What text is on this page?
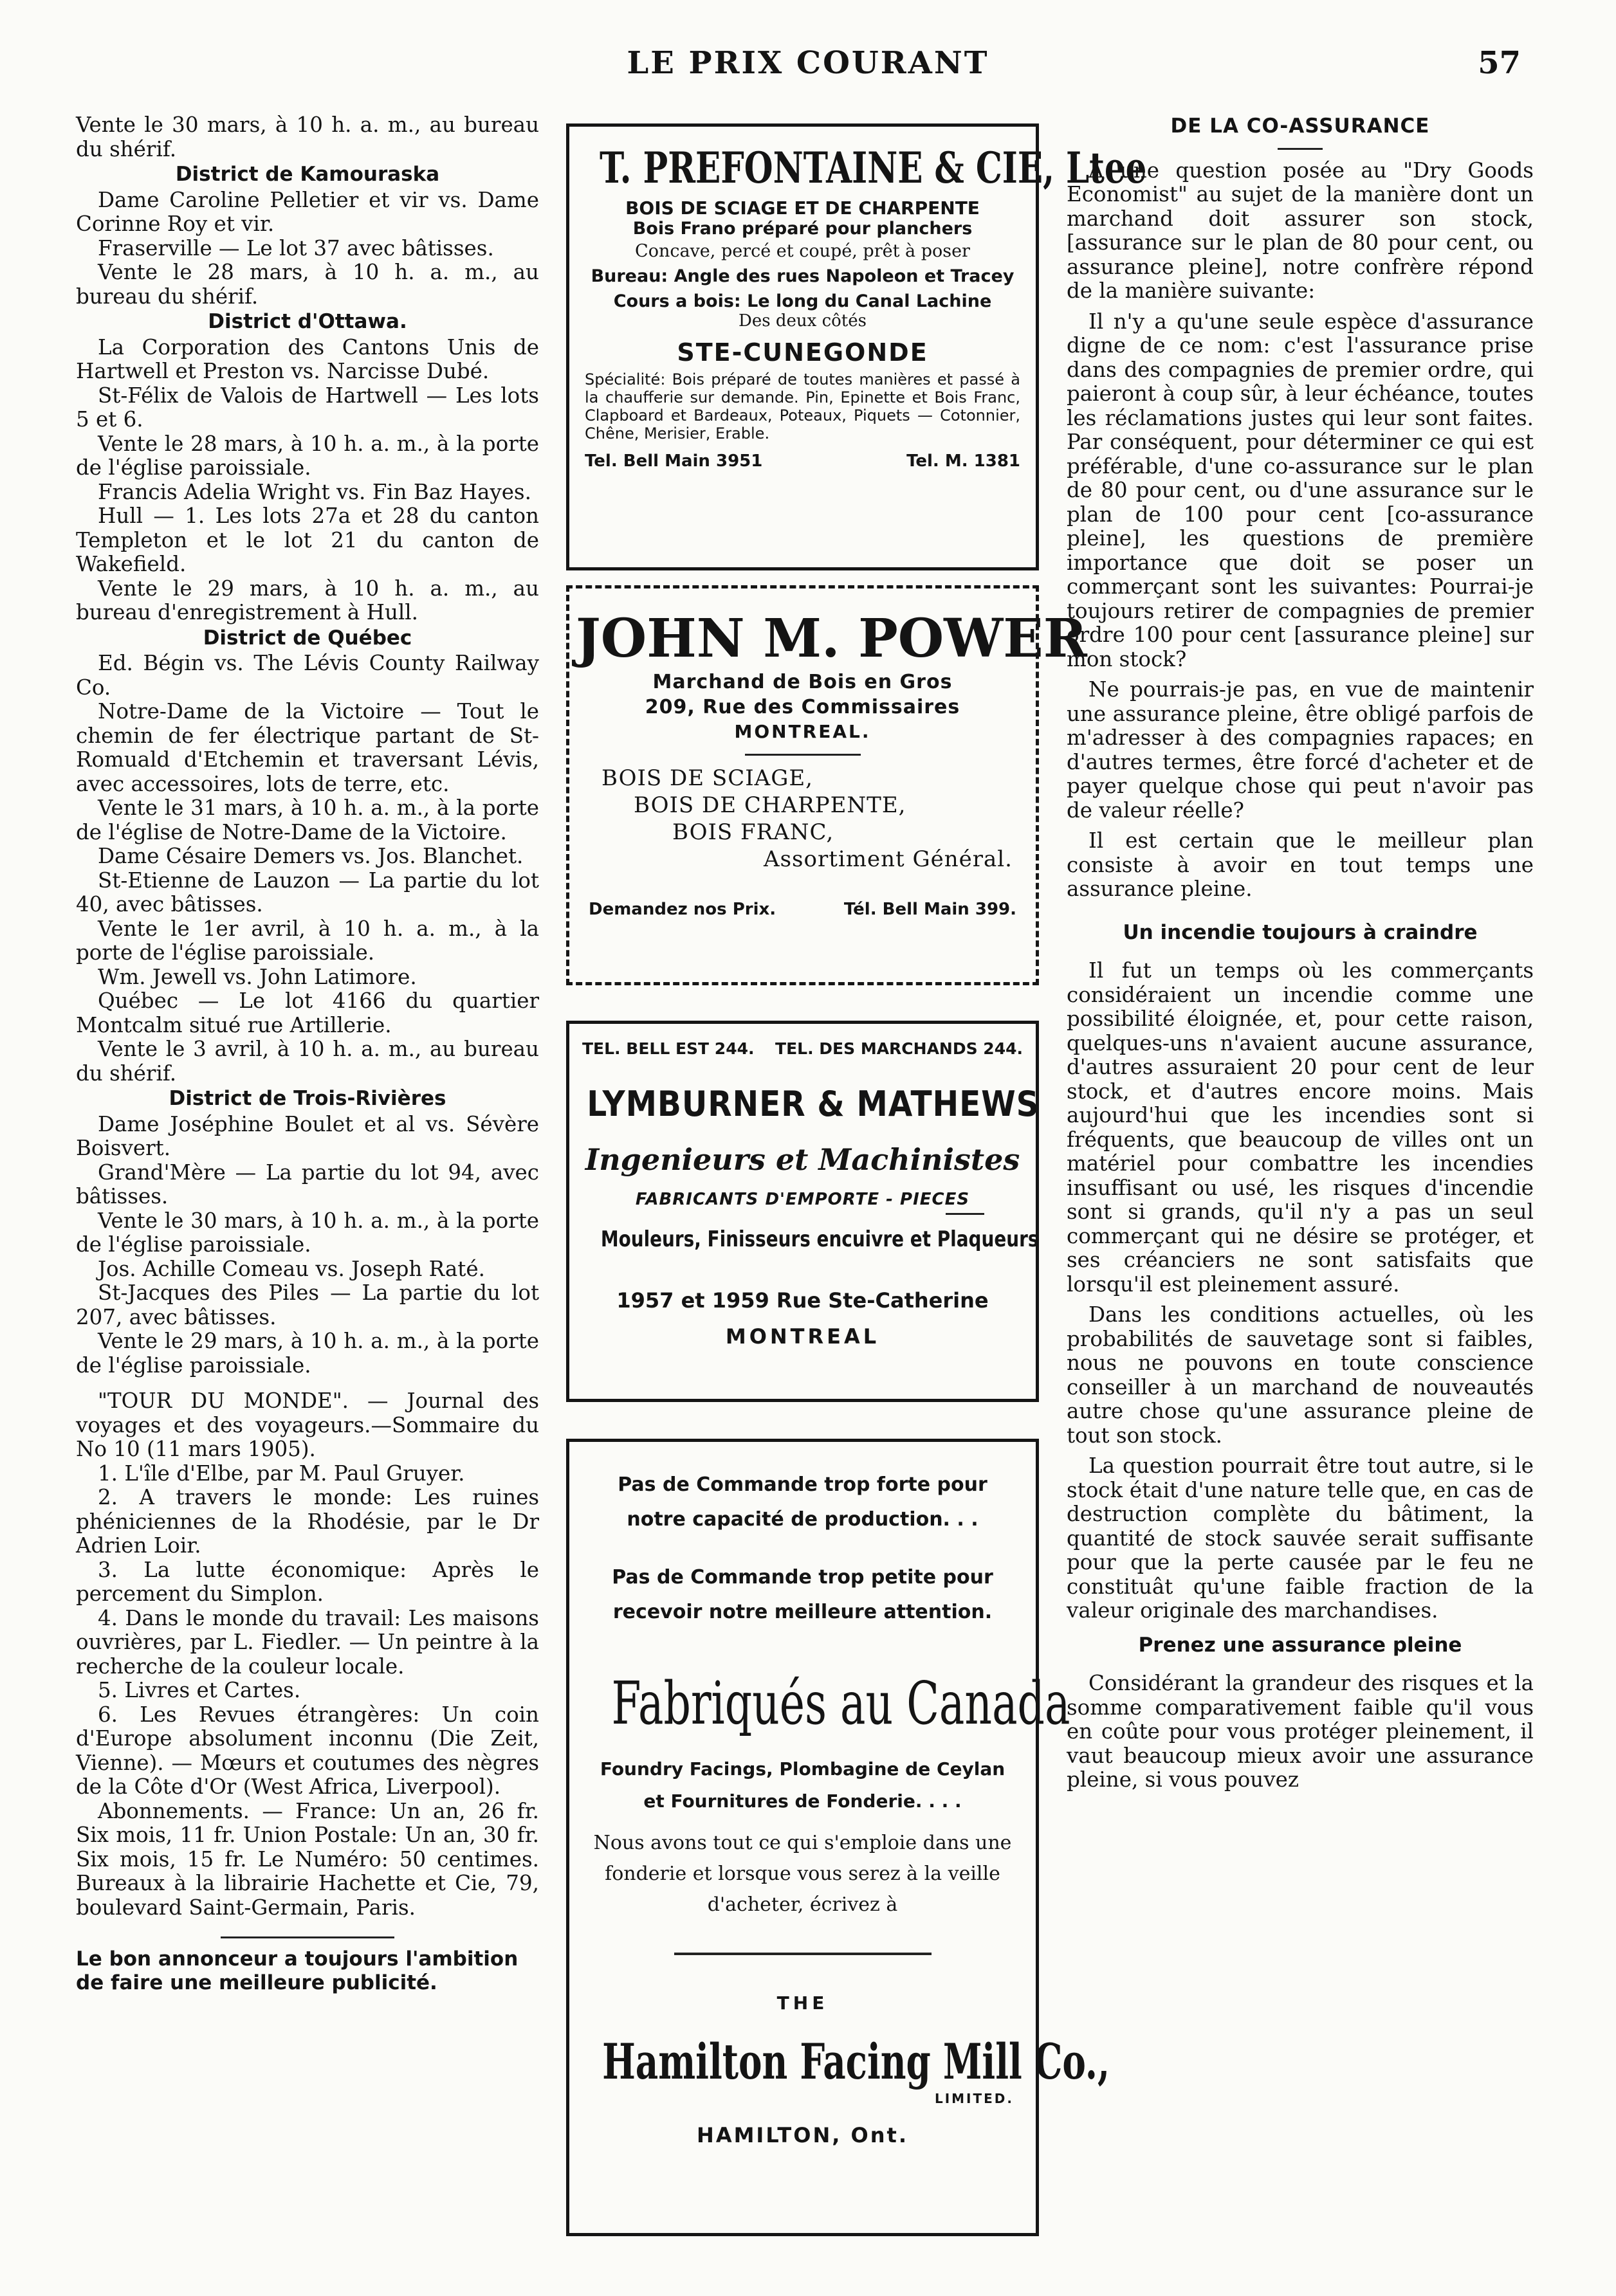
LE PRIX COURANT	57

Vente le 30 mars, à 10 h. a. m., au bureau du shérif.

District de Kamouraska

Dame Caroline Pelletier et vir vs. Dame Corinne Roy et vir.

Fraserville — Le lot 37 avec bâtisses.

Vente le 28 mars, à 10 h. a. m., au bureau du shérif.

District d'Ottawa.

La Corporation des Cantons Unis de Hartwell et Preston vs. Narcisse Dubé.

St-Félix de Valois de Hartwell — Les lots 5 et 6.

Vente le 28 mars, à 10 h. a. m., à la porte de l'église paroissiale.

Francis Adelia Wright vs. Fin Baz Hayes.

Hull — 1. Les lots 27a et 28 du canton Templeton et le lot 21 du canton de Wakefield.

Vente le 29 mars, à 10 h. a. m., au bureau d'enregistrement à Hull.

District de Québec

Ed. Bégin vs. The Lévis County Railway Co.

Notre-Dame de la Victoire — Tout le chemin de fer électrique partant de St-Romuald d'Etchemin et traversant Lévis, avec accessoires, lots de terre, etc.

Vente le 31 mars, à 10 h. a. m., à la porte de l'église de Notre-Dame de la Victoire.

Dame Césaire Demers vs. Jos. Blanchet.

St-Etienne de Lauzon — La partie du lot 40, avec bâtisses.

Vente le 1er avril, à 10 h. a. m., à la porte de l'église paroissiale.

Wm. Jewell vs. John Latimore.

Québec — Le lot 4166 du quartier Montcalm situé rue Artillerie.

Vente le 3 avril, à 10 h. a. m., au bureau du shérif.

District de Trois-Rivières

Dame Joséphine Boulet et al vs. Sévère Boisvert.

Grand'Mère — La partie du lot 94, avec bâtisses.

Vente le 30 mars, à 10 h. a. m., à la porte de l'église paroissiale.

Jos. Achille Comeau vs. Joseph Raté.

St-Jacques des Piles — La partie du lot 207, avec bâtisses.

Vente le 29 mars, à 10 h. a. m., à la porte de l'église paroissiale.

"TOUR DU MONDE". — Journal des voyages et des voyageurs.—Sommaire du No 10 (11 mars 1905).

1. L'île d'Elbe, par M. Paul Gruyer.

2. A travers le monde: Les ruines phéniciennes de la Rhodésie, par le Dr Adrien Loir.

3. La lutte économique: Après le percement du Simplon.

4. Dans le monde du travail: Les maisons ouvrières, par L. Fiedler. — Un peintre à la recherche de la couleur locale.

5. Livres et Cartes.

6. Les Revues étrangères: Un coin d'Europe absolument inconnu (Die Zeit, Vienne). — Mœurs et coutumes des nègres de la Côte d'Or (West Africa, Liverpool).

Abonnements. — France: Un an, 26 fr. Six mois, 11 fr. Union Postale: Un an, 30 fr. Six mois, 15 fr. Le Numéro: 50 centimes. Bureaux à la librairie Hachette et Cie, 79, boulevard Saint-Germain, Paris.

Le bon annonceur a toujours l'ambition de faire une meilleure publicité.
T. PREFONTAINE & CIE, Ltee
BOIS DE SCIAGE ET DE CHARPENTE
Bois Frano préparé pour planchers
Concave, percé et coupé, prêt à poser
Bureau: Angle des rues Napoleon et Tracey
Cours a bois: Le long du Canal Lachine
Des deux côtés
STE-CUNEGONDE
Spécialité: Bois préparé de toutes manières et passé à la chaufferie sur demande. Pin, Epinette et Bois Franc, Clapboard et Bardeaux, Poteaux, Piquets — Cotonnier, Chêne, Merisier, Erable.
Tel. Bell Main 3951	Tel. M. 1381
JOHN M. POWER
Marchand de Bois en Gros
209, Rue des Commissaires
MONTREAL.
BOIS DE SCIAGE,
BOIS DE CHARPENTE,
BOIS FRANC,
Assortiment Général.
Demandez nos Prix.	Tél. Bell Main 399.
TEL. BELL EST 244. TEL. DES MARCHANDS 244.
LYMBURNER & MATHEWS
Ingenieurs et Machinistes
FABRICANTS D'EMPORTE - PIECES
Mouleurs, Finisseurs encuivre et Plaqueurs
1957 et 1959 Rue Ste-Catherine
MONTREAL
Pas de Commande trop forte pour notre capacité de production. . .
Pas de Commande trop petite pour recevoir notre meilleure attention.
Fabriqués au Canada
Foundry Facings, Plombagine de Ceylan et Fournitures de Fonderie. . . .
Nous avons tout ce qui s'emploie dans une fonderie et lorsque vous serez à la veille d'acheter, écrivez à
THE
Hamilton Facing Mill Co.,
LIMITED.
HAMILTON, Ont.
DE LA CO-ASSURANCE

A une question posée au "Dry Goods Economist" au sujet de la manière dont un marchand doit assurer son stock, [assurance sur le plan de 80 pour cent, ou assurance pleine], notre confrère répond de la manière suivante:

Il n'y a qu'une seule espèce d'assurance digne de ce nom: c'est l'assurance prise dans des compagnies de premier ordre, qui paieront à coup sûr, à leur échéance, toutes les réclamations justes qui leur sont faites. Par conséquent, pour déterminer ce qui est préférable, d'une co-assurance sur le plan de 80 pour cent, ou d'une assurance sur le plan de 100 pour cent [co-assurance pleine], les questions de première importance que doit se poser un commerçant sont les suivantes: Pourrai-je toujours retirer de compagnies de premier ordre 100 pour cent [assurance pleine] sur mon stock?

Ne pourrais-je pas, en vue de maintenir une assurance pleine, être obligé parfois de m'adresser à des compagnies rapaces; en d'autres termes, être forcé d'acheter et de payer quelque chose qui peut n'avoir pas de valeur réelle?

Il est certain que le meilleur plan consiste à avoir en tout temps une assurance pleine.

Un incendie toujours à craindre

Il fut un temps où les commerçants considéraient un incendie comme une possibilité éloignée, et, pour cette raison, quelques-uns n'avaient aucune assurance, d'autres assuraient 20 pour cent de leur stock, et d'autres encore moins. Mais aujourd'hui que les incendies sont si fréquents, que beaucoup de villes ont un matériel pour combattre les incendies insuffisant ou usé, les risques d'incendie sont si grands, qu'il n'y a pas un seul commerçant qui ne désire se protéger, et ses créanciers ne sont satisfaits que lorsqu'il est pleinement assuré.

Dans les conditions actuelles, où les probabilités de sauvetage sont si faibles, nous ne pouvons en toute conscience conseiller à un marchand de nouveautés autre chose qu'une assurance pleine de tout son stock.

La question pourrait être tout autre, si le stock était d'une nature telle que, en cas de destruction complète du bâtiment, la quantité de stock sauvée serait suffisante pour que la perte causée par le feu ne constituât qu'une faible fraction de la valeur originale des marchandises.

Prenez une assurance pleine

Considérant la grandeur des risques et la somme comparativement faible qu'il vous en coûte pour vous protéger pleinement, il vaut beaucoup mieux avoir une assurance pleine, si vous pouvez
